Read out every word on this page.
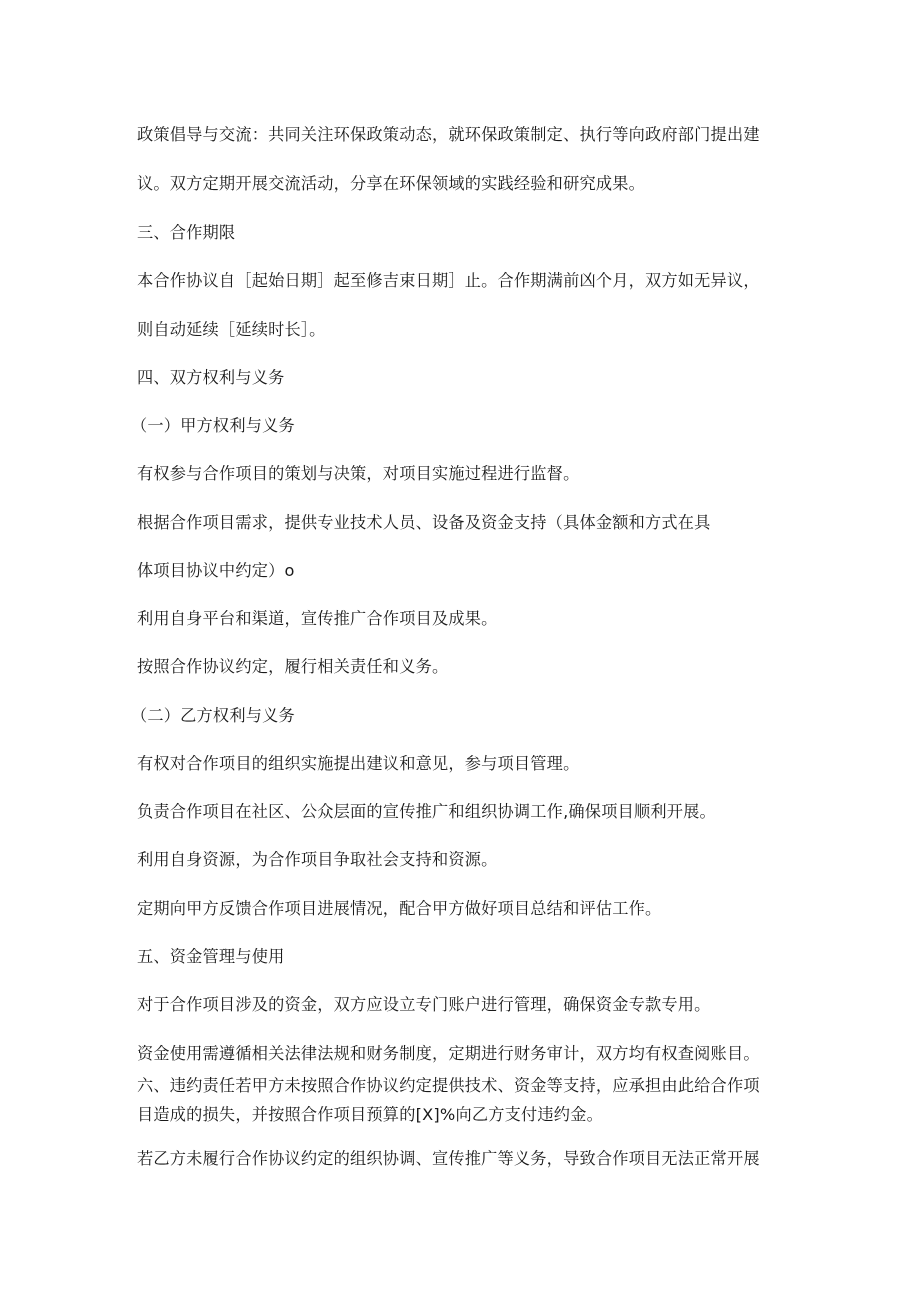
政策倡导与交流：共同关注环保政策动态，就环保政策制定、执行等向政府部门提出建

议。双方定期开展交流活动，分享在环保领域的实践经验和研究成果。

三、合作期限

本合作协议自［起始日期］起至修吉束日期］止。合作期满前凶个月，双方如无异议，

则自动延续［延续时长］。

四、双方权利与义务

（一）甲方权利与义务

有权参与合作项目的策划与决策，对项目实施过程进行监督。

根据合作项目需求，提供专业技术人员、设备及资金支持（具体金额和方式在具

体项目协议中约定）o

利用自身平台和渠道，宣传推广合作项目及成果。

按照合作协议约定，履行相关责任和义务。

（二）乙方权利与义务

有权对合作项目的组织实施提出建议和意见，参与项目管理。

负责合作项目在社区、公众层面的宣传推广和组织协调工作,确保项目顺利开展。

利用自身资源，为合作项目争取社会支持和资源。

定期向甲方反馈合作项目进展情况，配合甲方做好项目总结和评估工作。

五、资金管理与使用

对于合作项目涉及的资金，双方应设立专门账户进行管理，确保资金专款专用。

资金使用需遵循相关法律法规和财务制度，定期进行财务审计，双方均有权查阅账目。

六、违约责任若甲方未按照合作协议约定提供技术、资金等支持，应承担由此给合作项

目造成的损失，并按照合作项目预算的[X]%向乙方支付违约金。

若乙方未履行合作协议约定的组织协调、宣传推广等义务，导致合作项目无法正常开展
